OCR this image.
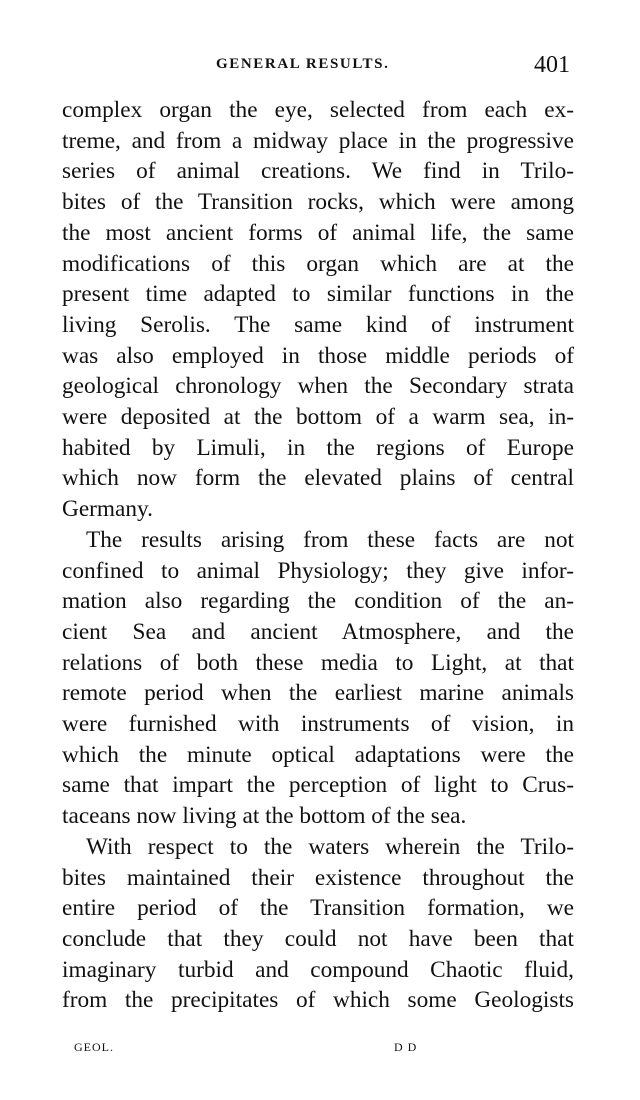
GENERAL RESULTS.	401
complex organ the eye, selected from each ex-
treme, and from a midway place in the progressive
series of animal creations. We find in Trilo-
bites of the Transition rocks, which were among
the most ancient forms of animal life, the same
modifications of this organ which are at the
present time adapted to similar functions in the
living Serolis. The same kind of instrument
was also employed in those middle periods of
geological chronology when the Secondary strata
were deposited at the bottom of a warm sea, in-
habited by Limuli, in the regions of Europe
which now form the elevated plains of central
Germany.
The results arising from these facts are not
confined to animal Physiology; they give infor-
mation also regarding the condition of the an-
cient Sea and ancient Atmosphere, and the
relations of both these media to Light, at that
remote period when the earliest marine animals
were furnished with instruments of vision, in
which the minute optical adaptations were the
same that impart the perception of light to Crus-
taceans now living at the bottom of the sea.
With respect to the waters wherein the Trilo-
bites maintained their existence throughout the
entire period of the Transition formation, we
conclude that they could not have been that
imaginary turbid and compound Chaotic fluid,
from the precipitates of which some Geologists
GEOL.	D D
